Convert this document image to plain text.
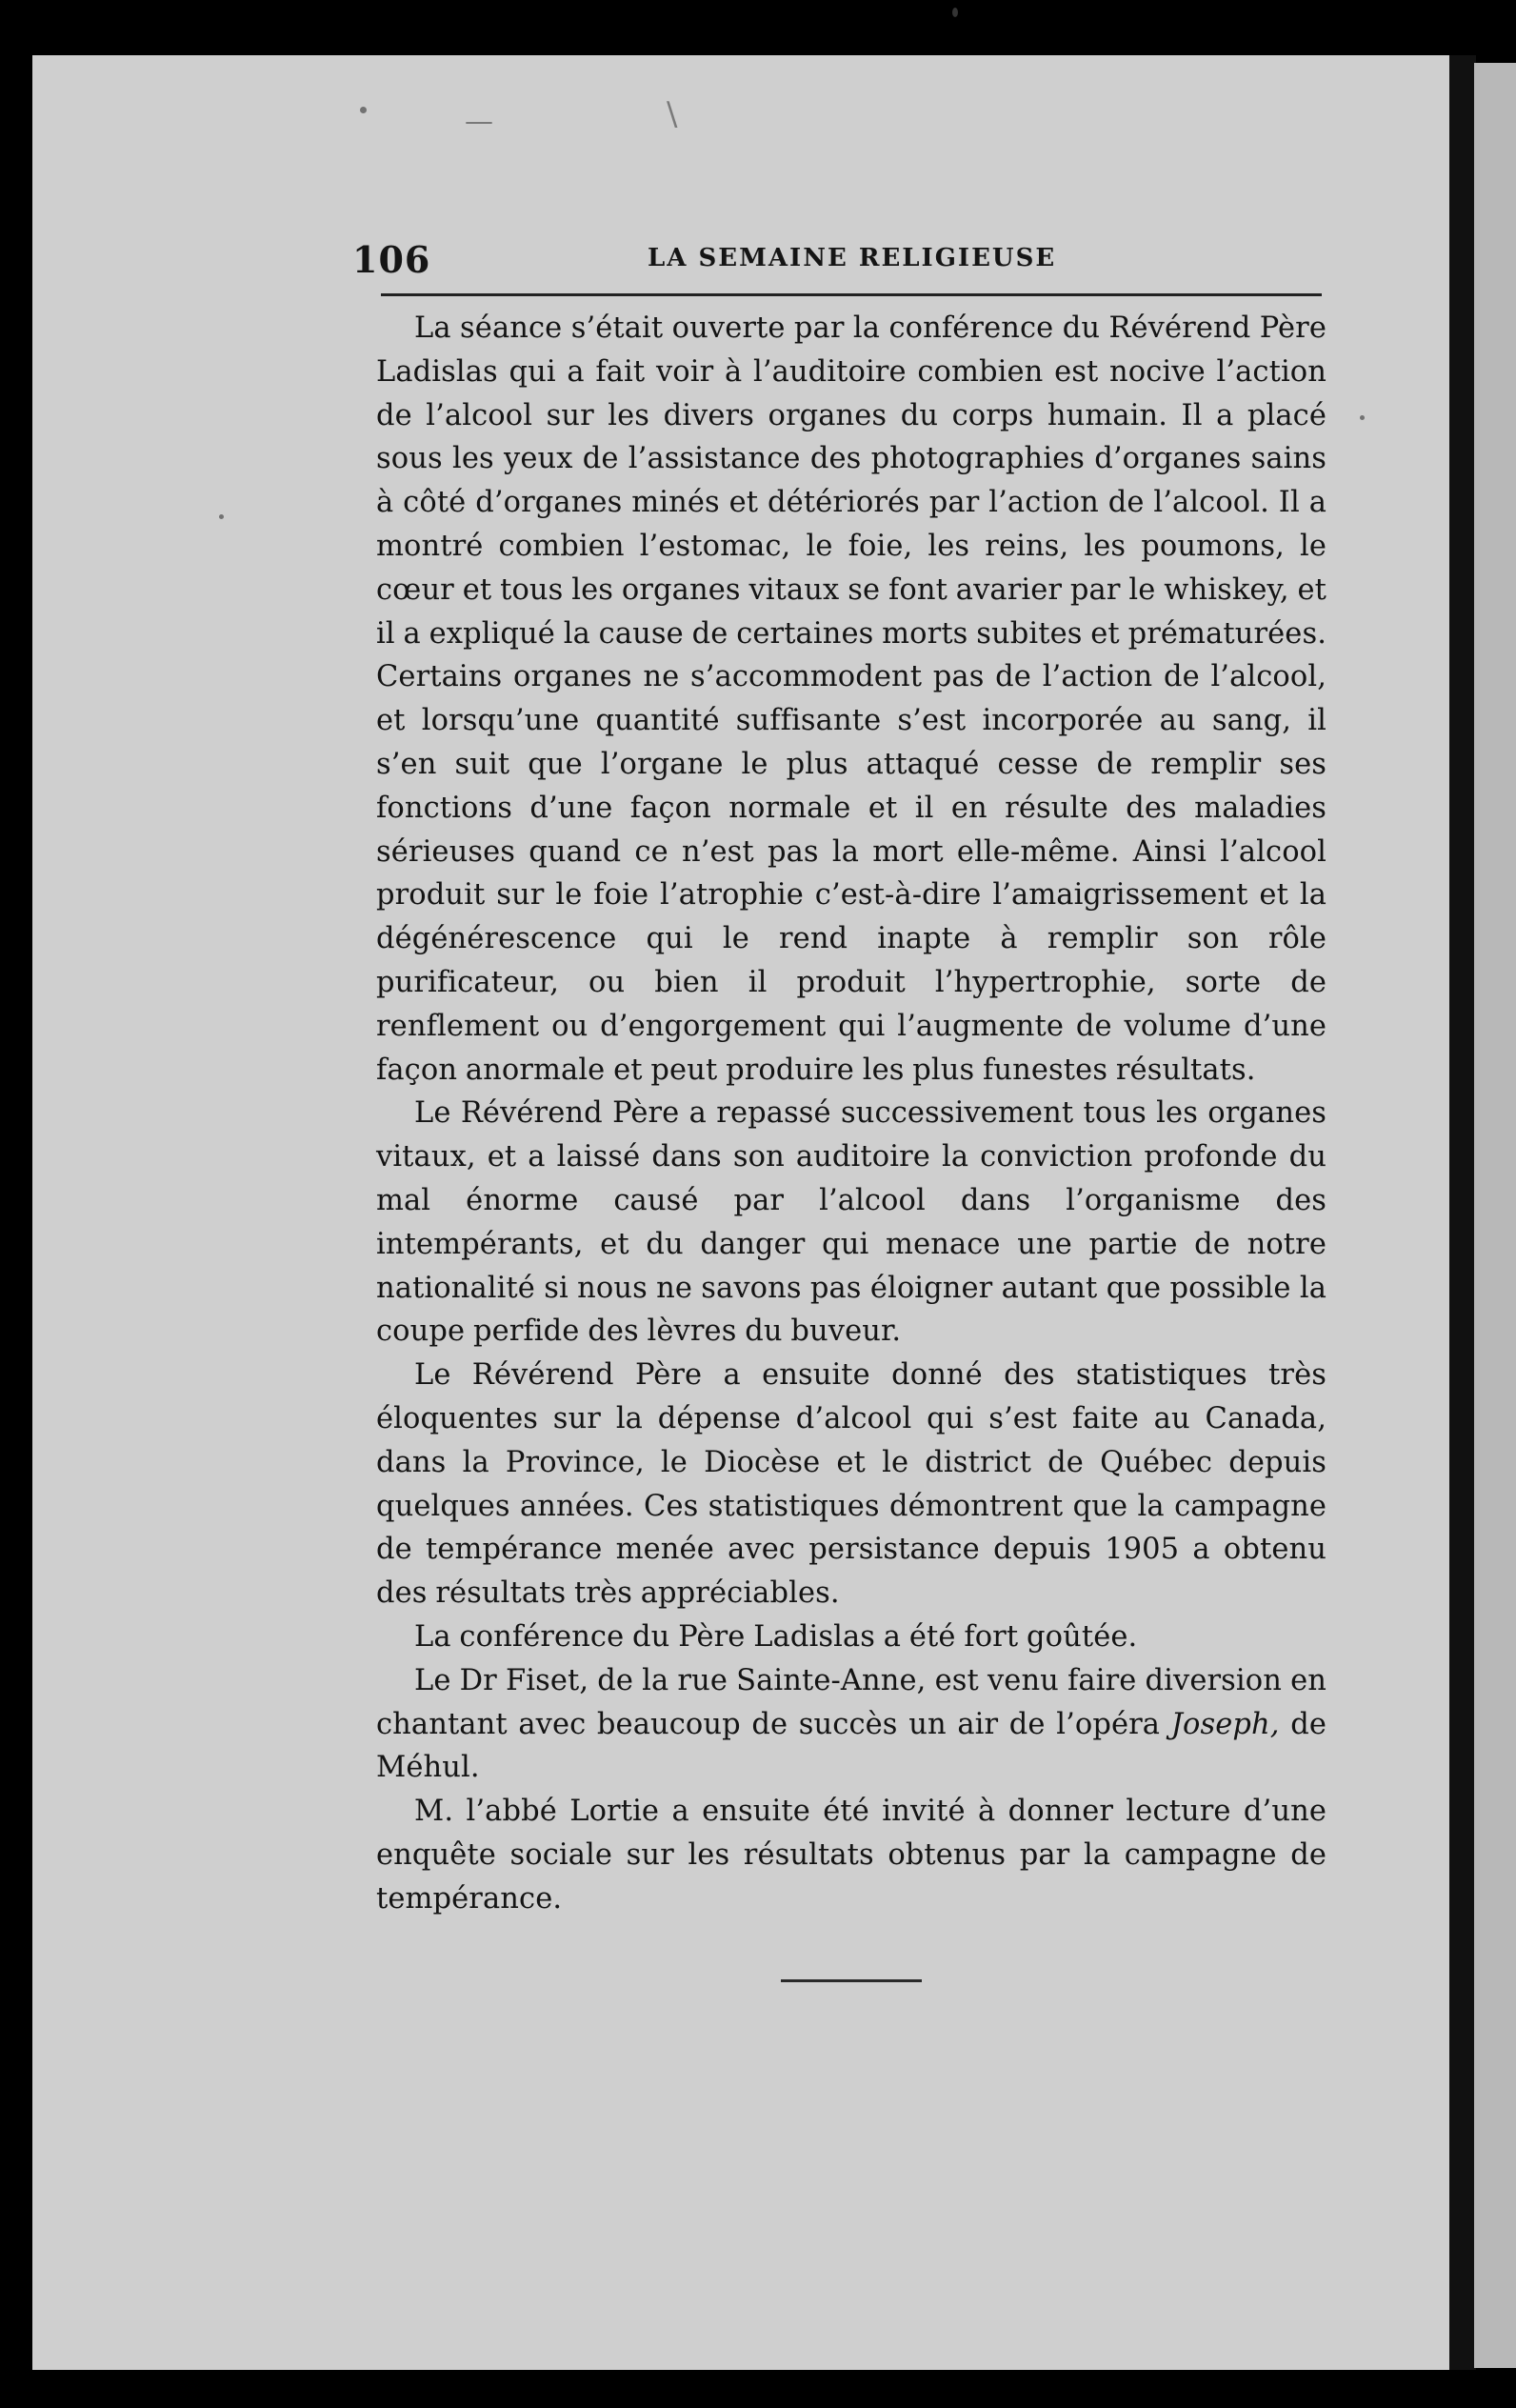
\
—
106	LA SEMAINE RELIGIEUSE

La séance s’était ouverte par la conférence du Révérend Père Ladislas qui a fait voir à l’auditoire combien est nocive l’action de l’alcool sur les divers organes du corps humain. Il a placé sous les yeux de l’assistance des photographies d’organes sains à côté d’organes minés et détériorés par l’action de l’alcool. Il a montré combien l’estomac, le foie, les reins, les poumons, le cœur et tous les organes vitaux se font avarier par le whiskey, et il a expliqué la cause de certaines morts subites et prématurées. Certains organes ne s’accommodent pas de l’action de l’alcool, et lorsqu’une quantité suffisante s’est incorporée au sang, il s’en suit que l’organe le plus attaqué cesse de remplir ses fonctions d’une façon normale et il en résulte des maladies sérieuses quand ce n’est pas la mort elle-même. Ainsi l’alcool produit sur le foie l’atrophie c’est-à-dire l’amaigrissement et la dégénérescence qui le rend inapte à remplir son rôle purificateur, ou bien il produit l’hypertrophie, sorte de renflement ou d’engorgement qui l’augmente de volume d’une façon anormale et peut produire les plus funestes résultats.

Le Révérend Père a repassé successivement tous les organes vitaux, et a laissé dans son auditoire la conviction profonde du mal énorme causé par l’alcool dans l’organisme des intempérants, et du danger qui menace une partie de notre nationalité si nous ne savons pas éloigner autant que possible la coupe perfide des lèvres du buveur.

Le Révérend Père a ensuite donné des statistiques très éloquentes sur la dépense d’alcool qui s’est faite au Canada, dans la Province, le Diocèse et le district de Québec depuis quelques années. Ces statistiques démontrent que la campagne de tempérance menée avec persistance depuis 1905 a obtenu des résultats très appréciables.

La conférence du Père Ladislas a été fort goûtée.

Le Dr Fiset, de la rue Sainte-Anne, est venu faire diversion en chantant avec beaucoup de succès un air de l’opéra Joseph, de Méhul.

M. l’abbé Lortie a ensuite été invité à donner lecture d’une enquête sociale sur les résultats obtenus par la campagne de tempérance.
